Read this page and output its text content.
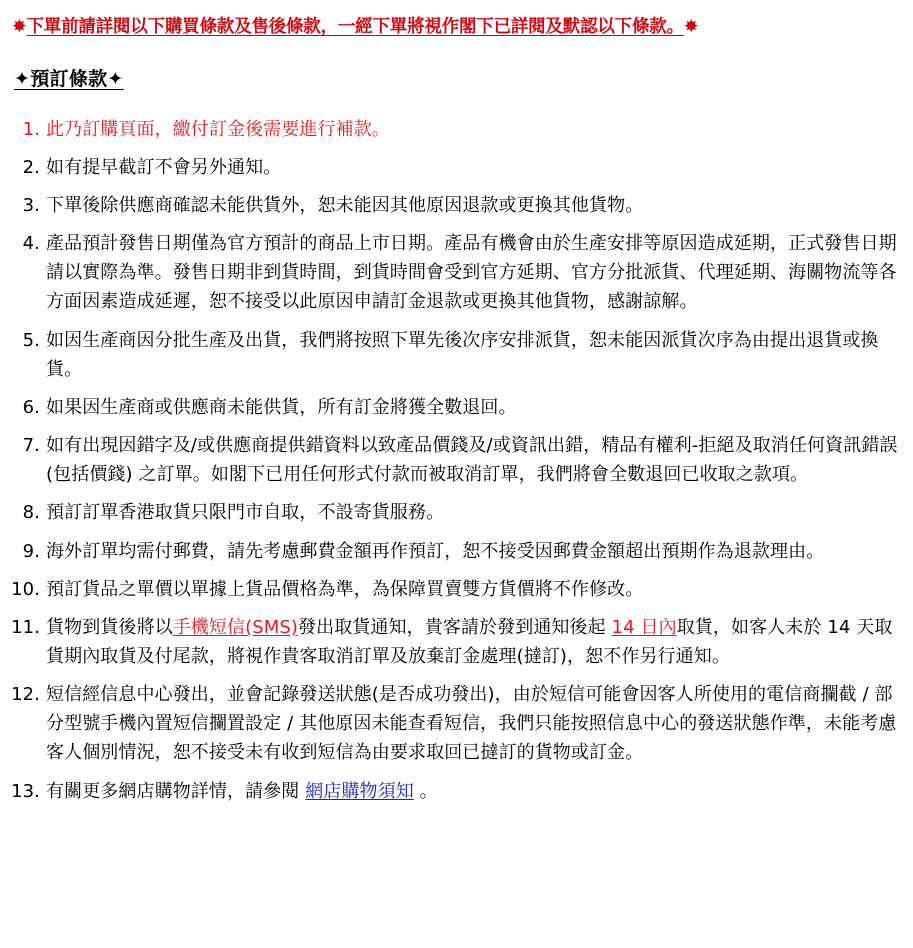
✸下單前請詳閱以下購買條款及售後條款，一經下單將視作閣下已詳閱及默認以下條款。✸
✦預訂條款✦
1. 此乃訂購頁面，繳付訂金後需要進行補款。
2. 如有提早截訂不會另外通知。
3. 下單後除供應商確認未能供貨外，恕未能因其他原因退款或更換其他貨物。
4. 產品預計發售日期僅為官方預計的商品上市日期。產品有機會由於生產安排等原因造成延期，正式發售日期請以實際為準。發售日期非到貨時間，到貨時間會受到官方延期、官方分批派貨、代理延期、海關物流等各方面因素造成延遲，恕不接受以此原因申請訂金退款或更換其他貨物，感謝諒解。
5. 如因生產商因分批生產及出貨，我們將按照下單先後次序安排派貨，恕未能因派貨次序為由提出退貨或換貨。
6. 如果因生產商或供應商未能供貨，所有訂金將獲全數退回。
7. 如有出現因錯字及/或供應商提供錯資料以致產品價錢及/或資訊出錯，精品有權利-拒絕及取消任何資訊錯誤(包括價錢) 之訂單。如閣下已用任何形式付款而被取消訂單，我們將會全數退回已收取之款項。
8. 預訂訂單香港取貨只限門市自取，不設寄貨服務。
9. 海外訂單均需付郵費，請先考慮郵費金額再作預訂，恕不接受因郵費金額超出預期作為退款理由。
10. 預訂貨品之單價以單據上貨品價格為準，為保障買賣雙方貨價將不作修改。
11. 貨物到貨後將以手機短信(SMS)發出取貨通知，貴客請於發到通知後起 14 日內取貨，如客人未於 14 天取貨期內取貨及付尾款，將視作貴客取消訂單及放棄訂金處理(撻訂)，恕不作另行通知。
12. 短信經信息中心發出，並會記錄發送狀態(是否成功發出)，由於短信可能會因客人所使用的電信商攔截 / 部分型號手機內置短信攔置設定 / 其他原因未能查看短信，我們只能按照信息中心的發送狀態作準，未能考慮客人個別情況，恕不接受未有收到短信為由要求取回已撻訂的貨物或訂金。
13. 有關更多網店購物詳情，請參閱 網店購物須知 。
